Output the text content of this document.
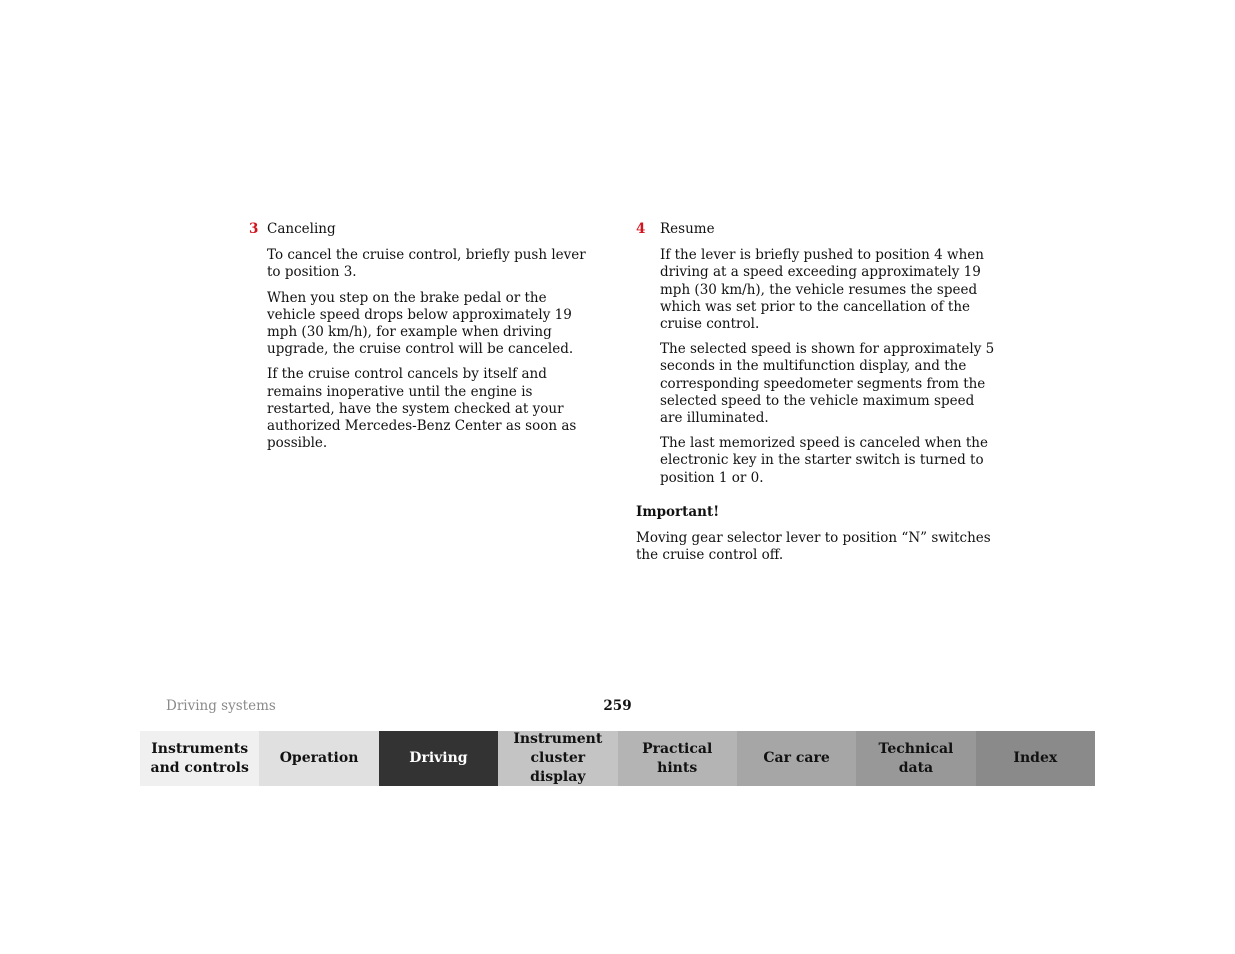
3 Canceling

To cancel the cruise control, briefly push lever to position 3.

When you step on the brake pedal or the vehicle speed drops below approximately 19 mph (30 km/h), for example when driving upgrade, the cruise control will be canceled.

If the cruise control cancels by itself and remains inoperative until the engine is restarted, have the system checked at your authorized Mercedes-Benz Center as soon as possible.

4 Resume

If the lever is briefly pushed to position 4 when driving at a speed exceeding approximately 19 mph (30 km/h), the vehicle resumes the speed which was set prior to the cancellation of the cruise control.

The selected speed is shown for approximately 5 seconds in the multifunction display, and the corresponding speedometer segments from the selected speed to the vehicle maximum speed are illuminated.

The last memorized speed is canceled when the electronic key in the starter switch is turned to position 1 or 0.

Important!

Moving gear selector lever to position “N” switches the cruise control off.

Driving systems	259
Instruments
and controls
Operation	Driving
Instrument
cluster display
Practical hints
Car care
Technical
data
Index
